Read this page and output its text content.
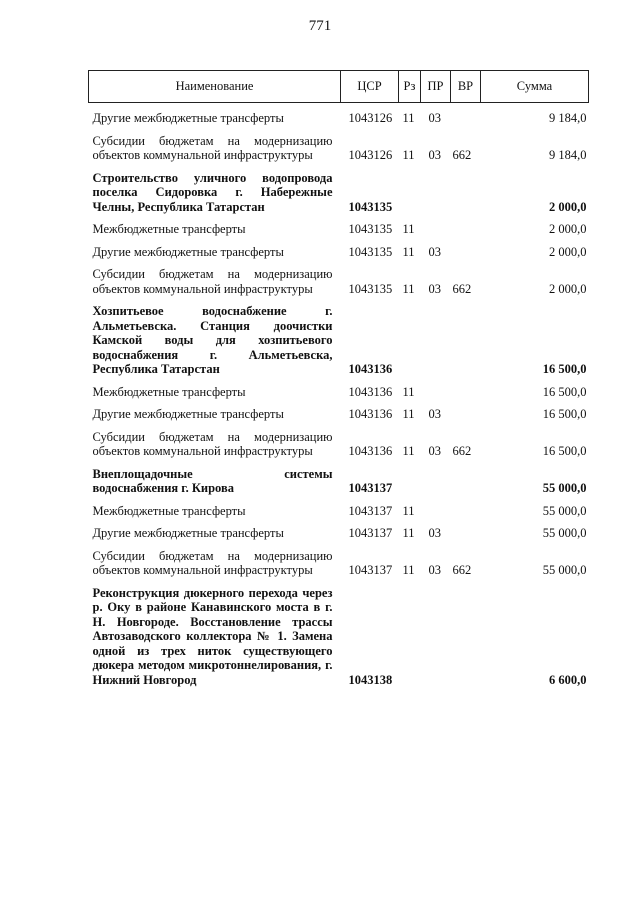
771
Наименование	ЦСР	Рз	ПР	ВР	Сумма
Другие межбюджетные трансферты	1043126	11	03		9 184,0
Субсидии бюджетам на модернизацию объектов коммунальной инфраструктуры	1043126	11	03	662	9 184,0
Строительство уличного водопровода поселка Сидоровка г. Набережные Челны, Республика Татарстан	1043135				2 000,0
Межбюджетные трансферты	1043135	11			2 000,0
Другие межбюджетные трансферты	1043135	11	03		2 000,0
Субсидии бюджетам на модернизацию объектов коммунальной инфраструктуры	1043135	11	03	662	2 000,0
Хозпитьевое водоснабжение г. Альметьевска. Станция доочистки Камской воды для хозпитьевого водоснабжения г. Альметьевска, Республика Татарстан	1043136				16 500,0
Межбюджетные трансферты	1043136	11			16 500,0
Другие межбюджетные трансферты	1043136	11	03		16 500,0
Субсидии бюджетам на модернизацию объектов коммунальной инфраструктуры	1043136	11	03	662	16 500,0
Внеплощадочные системы водоснабжения г. Кирова	1043137				55 000,0
Межбюджетные трансферты	1043137	11			55 000,0
Другие межбюджетные трансферты	1043137	11	03		55 000,0
Субсидии бюджетам на модернизацию объектов коммунальной инфраструктуры	1043137	11	03	662	55 000,0
Реконструкция дюкерного перехода через р. Оку в районе Канавинского моста в г. Н. Новгороде. Восстановление трассы Автозаводского коллектора № 1. Замена одной из трех ниток существующего дюкера методом микротоннелирования, г. Нижний Новгород	1043138				6 600,0
